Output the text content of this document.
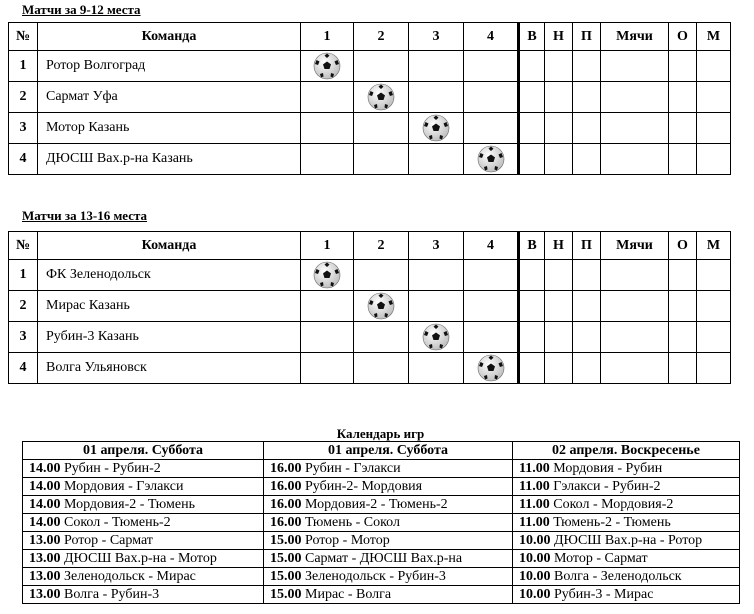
Матчи за 9-12 места
№	Команда	1	2	3	4	В	Н	П	Мячи	О	М
1	Ротор Волгоград	

2	Сармат Уфа		

3	Мотор Казань			

4	ДЮСШ Вах.р-на Казань				

Матчи за 13-16 места
№	Команда	1	2	3	4	В	Н	П	Мячи	О	М
1	ФК Зеленодольск	

2	Мирас Казань		

3	Рубин-3 Казань			

4	Волга Ульяновск				

Календарь игр
01 апреля. Суббота	01 апреля. Суббота	02 апреля. Воскресенье
14.00 Рубин - Рубин-2	16.00 Рубин - Гэлакси	11.00 Мордовия - Рубин
14.00 Мордовия - Гэлакси	16.00 Рубин-2- Мордовия	11.00 Гэлакси - Рубин-2
14.00 Мордовия-2 - Тюмень	16.00 Мордовия-2 - Тюмень-2	11.00 Сокол - Мордовия-2
14.00 Сокол - Тюмень-2	16.00 Тюмень - Сокол	11.00 Тюмень-2 - Тюмень
13.00 Ротор - Сармат	15.00 Ротор - Мотор	10.00 ДЮСШ Вах.р-на - Ротор
13.00 ДЮСШ Вах.р-на - Мотор	15.00 Сармат - ДЮСШ Вах.р-на	10.00 Мотор - Сармат
13.00 Зеленодольск - Мирас	15.00 Зеленодольск - Рубин-3	10.00 Волга - Зеленодольск
13.00 Волга - Рубин-3	15.00 Мирас - Волга	10.00 Рубин-3 - Мирас
